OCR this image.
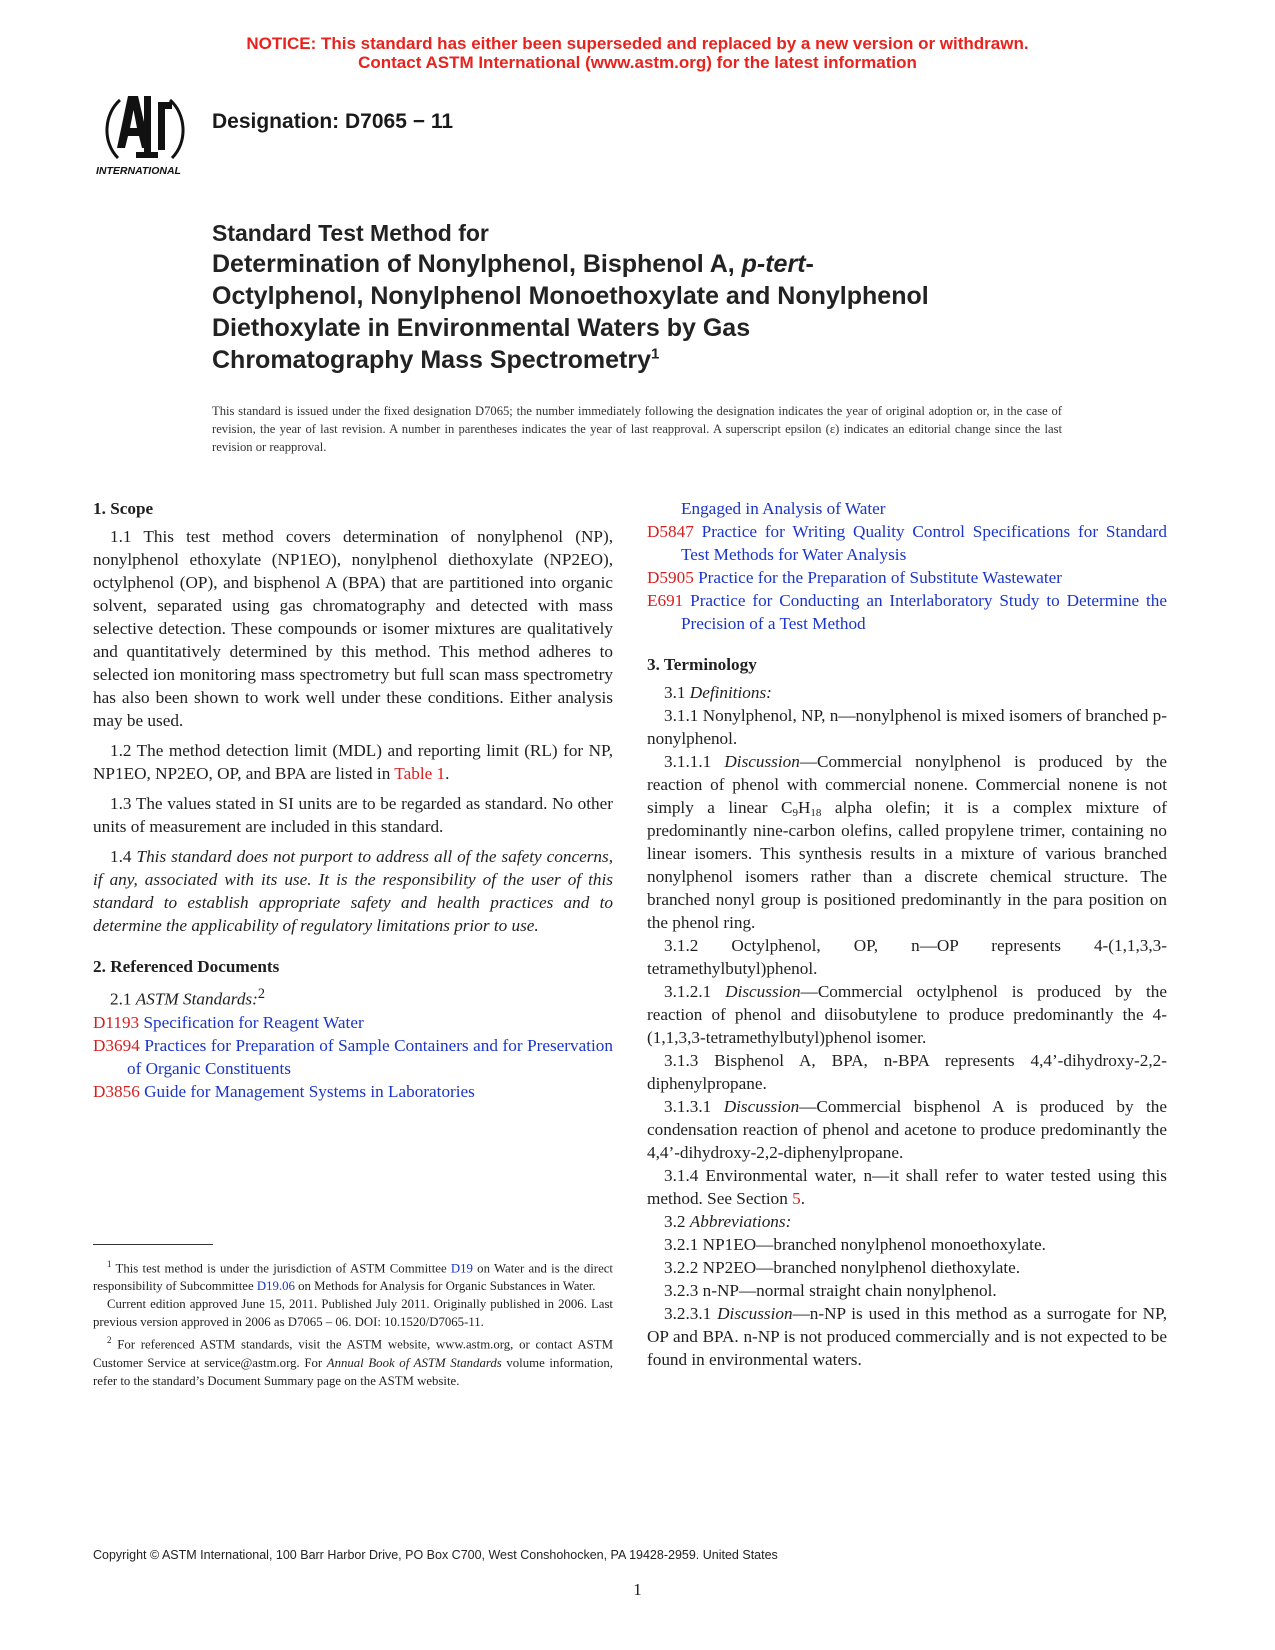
NOTICE: This standard has either been superseded and replaced by a new version or withdrawn.
Contact ASTM International (www.astm.org) for the latest information
INTERNATIONAL
Designation: D7065 − 11
Standard Test Method for
Determination of Nonylphenol, Bisphenol A, p-tert-
Octylphenol, Nonylphenol Monoethoxylate and Nonylphenol
Diethoxylate in Environmental Waters by Gas
Chromatography Mass Spectrometry$^1$
This standard is issued under the fixed designation D7065; the number immediately following the designation indicates the year of original adoption or, in the case of revision, the year of last revision. A number in parentheses indicates the year of last reapproval. A superscript epsilon (ε) indicates an editorial change since the last revision or reapproval.

1. Scope

1.1 This test method covers determination of nonylphenol (NP), nonylphenol ethoxylate (NP1EO), nonylphenol diethoxylate (NP2EO), octylphenol (OP), and bisphenol A (BPA) that are partitioned into organic solvent, separated using gas chromatography and detected with mass selective detection. These compounds or isomer mixtures are qualitatively and quantitatively determined by this method. This method adheres to selected ion monitoring mass spectrometry but full scan mass spectrometry has also been shown to work well under these conditions. Either analysis may be used.

1.2 The method detection limit (MDL) and reporting limit (RL) for NP, NP1EO, NP2EO, OP, and BPA are listed in Table 1.

1.3 The values stated in SI units are to be regarded as standard. No other units of measurement are included in this standard.

1.4 This standard does not purport to address all of the safety concerns, if any, associated with its use. It is the responsibility of the user of this standard to establish appropriate safety and health practices and to determine the applicability of regulatory limitations prior to use.

2. Referenced Documents

2.1 ASTM Standards:$^2$

D1193 Specification for Reagent Water

D3694 Practices for Preparation of Sample Containers and for Preservation of Organic Constituents

D3856 Guide for Management Systems in Laboratories

$^1$ This test method is under the jurisdiction of ASTM Committee D19 on Water and is the direct responsibility of Subcommittee D19.06 on Methods for Analysis for Organic Substances in Water.

Current edition approved June 15, 2011. Published July 2011. Originally published in 2006. Last previous version approved in 2006 as D7065 – 06. DOI: 10.1520/D7065-11.

$^2$ For referenced ASTM standards, visit the ASTM website, www.astm.org, or contact ASTM Customer Service at service@astm.org. For Annual Book of ASTM Standards volume information, refer to the standard’s Document Summary page on the ASTM website.

Engaged in Analysis of Water

D5847 Practice for Writing Quality Control Specifications for Standard Test Methods for Water Analysis

D5905 Practice for the Preparation of Substitute Wastewater

E691 Practice for Conducting an Interlaboratory Study to Determine the Precision of a Test Method

3. Terminology

3.1 Definitions:

3.1.1 Nonylphenol, NP, n—nonylphenol is mixed isomers of branched p-nonylphenol.

3.1.1.1 Discussion—Commercial nonylphenol is produced by the reaction of phenol with commercial nonene. Commercial nonene is not simply a linear $C_9H_{18}$ alpha olefin; it is a complex mixture of predominantly nine-carbon olefins, called propylene trimer, containing no linear isomers. This synthesis results in a mixture of various branched nonylphenol isomers rather than a discrete chemical structure. The branched nonyl group is positioned predominantly in the para position on the phenol ring.

3.1.2 Octylphenol, OP, n—OP represents 4-(1,1,3,3-tetramethylbutyl)phenol.

3.1.2.1 Discussion—Commercial octylphenol is produced by the reaction of phenol and diisobutylene to produce predominantly the 4-(1,1,3,3-tetramethylbutyl)phenol isomer.

3.1.3 Bisphenol A, BPA, n-BPA represents 4,4’-dihydroxy-2,2-diphenylpropane.

3.1.3.1 Discussion—Commercial bisphenol A is produced by the condensation reaction of phenol and acetone to produce predominantly the 4,4’-dihydroxy-2,2-diphenylpropane.

3.1.4 Environmental water, n—it shall refer to water tested using this method. See Section 5.

3.2 Abbreviations:

3.2.1 NP1EO—branched nonylphenol monoethoxylate.

3.2.2 NP2EO—branched nonylphenol diethoxylate.

3.2.3 n-NP—normal straight chain nonylphenol.

3.2.3.1 Discussion—n-NP is used in this method as a surrogate for NP, OP and BPA. n-NP is not produced commercially and is not expected to be found in environmental waters.

Copyright © ASTM International, 100 Barr Harbor Drive, PO Box C700, West Conshohocken, PA 19428-2959. United States
1
